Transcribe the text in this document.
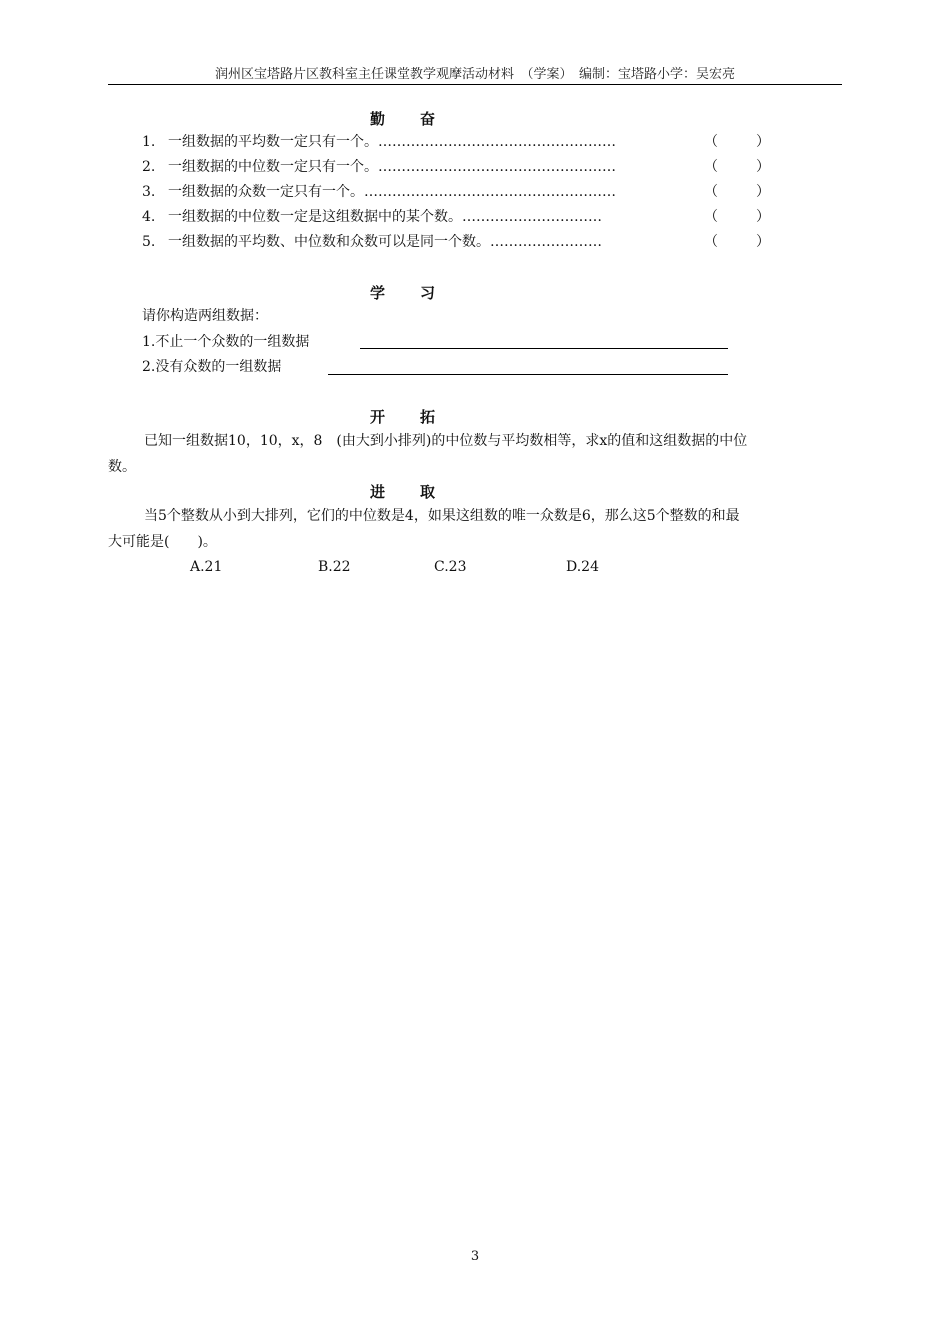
润州区宝塔路片区教科室主任课堂教学观摩活动材料　（学案）　编制：宝塔路小学：吴宏亮
勤 奋
1. 一组数据的平均数一定只有一个。……………………………………………	（	）
2. 一组数据的中位数一定只有一个。……………………………………………	（	）
3. 一组数据的众数一定只有一个。………………………………………………	（	）
4. 一组数据的中位数一定是这组数据中的某个数。…………………………	（	）
5. 一组数据的平均数、中位数和众数可以是同一个数。……………………	（	）
学 习
请你构造两组数据：
1.不止一个众数的一组数据
2.没有众数的一组数据
开 拓
已知一组数据10，10，x，8　(由大到小排列)的中位数与平均数相等，求x的值和这组数据的中位
数。
进 取
当5个整数从小到大排列，它们的中位数是4，如果这组数的唯一众数是6，那么这5个整数的和最
大可能是(　　)。
A.21	B.22	C.23	D.24
3
